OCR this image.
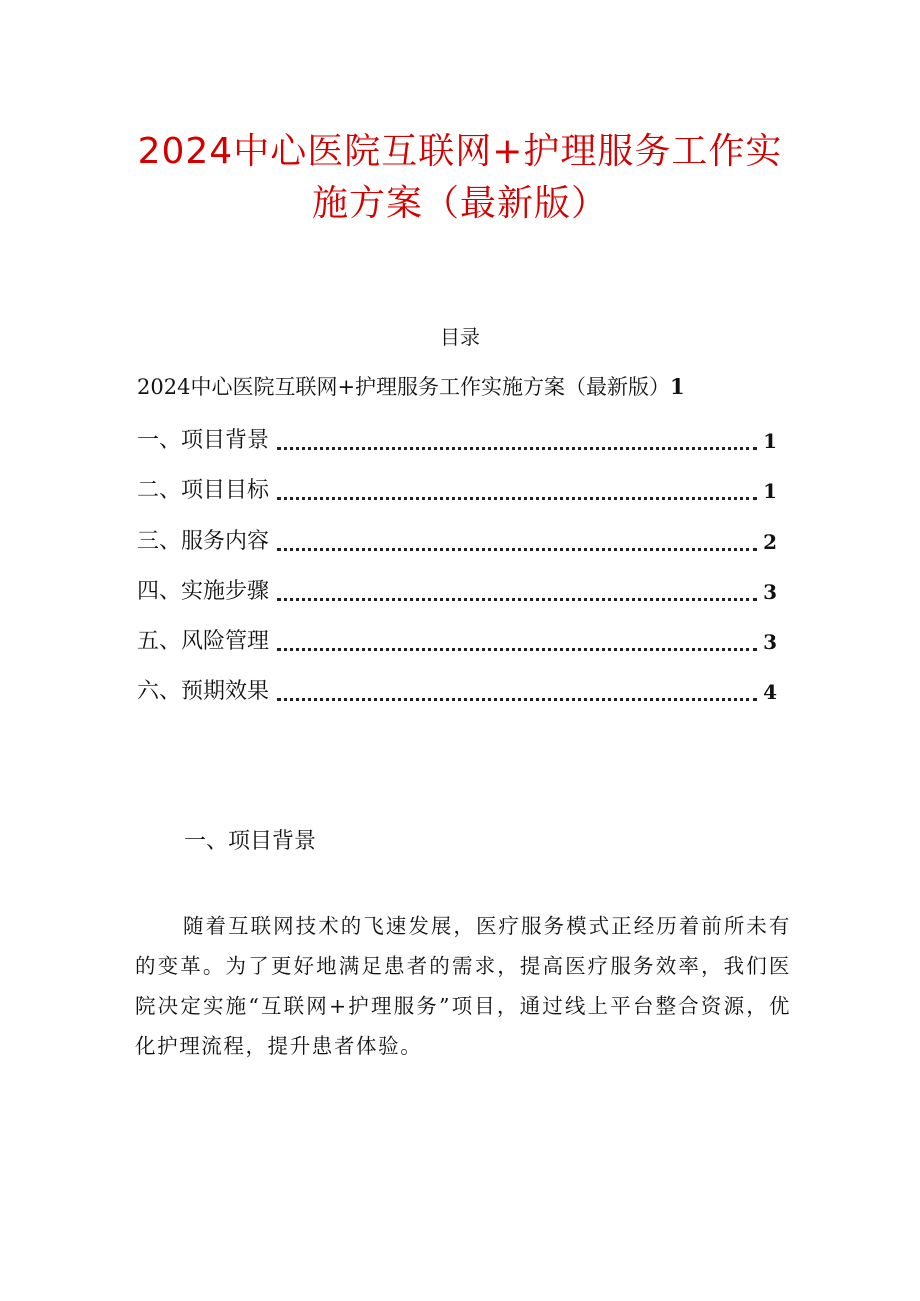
2024中心医院互联网+护理服务工作实
施方案（最新版）
目录
2024中心医院互联网+护理服务工作实施方案（最新版）1
一、项目背景	1
二、项目目标	1
三、服务内容	2
四、实施步骤	3
五、风险管理	3
六、预期效果	4
一、项目背景
随着互联网技术的飞速发展，医疗服务模式正经历着前所未有的变革。为了更好地满足患者的需求，提高医疗服务效率，我们医院决定实施“互联网+护理服务”项目，通过线上平台整合资源，优化护理流程，提升患者体验。
